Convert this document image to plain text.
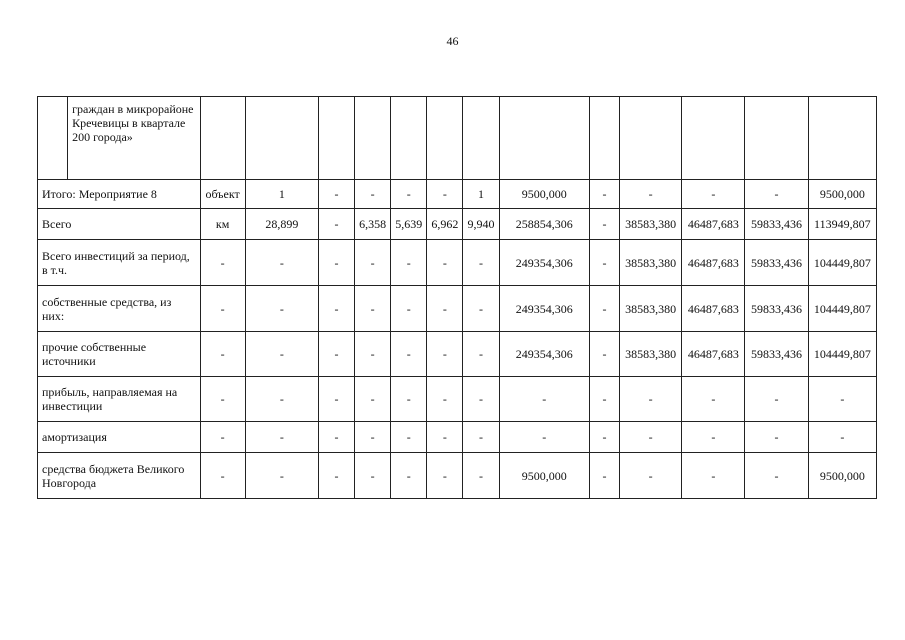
46
	граждан в микрорайоне Кречевицы в квартале 200 города»													
Итого: Мероприятие 8		объект	1	-	-	-	-	1	9500,000	-	-	-	-	9500,000
Всего		км	28,899	-	6,358	5,639	6,962	9,940	258854,306	-	38583,380	46487,683	59833,436	113949,807
Всего инвестиций за период, в т.ч.		-	-	-	-	-	-	-	249354,306	-	38583,380	46487,683	59833,436	104449,807
собственные средства, из них:		-	-	-	-	-	-	-	249354,306	-	38583,380	46487,683	59833,436	104449,807
прочие собственные источники		-	-	-	-	-	-	-	249354,306	-	38583,380	46487,683	59833,436	104449,807
прибыль, направляемая на инвестиции		-	-	-	-	-	-	-	-	-	-	-	-	-
амортизация		-	-	-	-	-	-	-	-	-	-	-	-	-
средства бюджета Великого Новгорода		-	-	-	-	-	-	-	9500,000	-	-	-	-	9500,000
